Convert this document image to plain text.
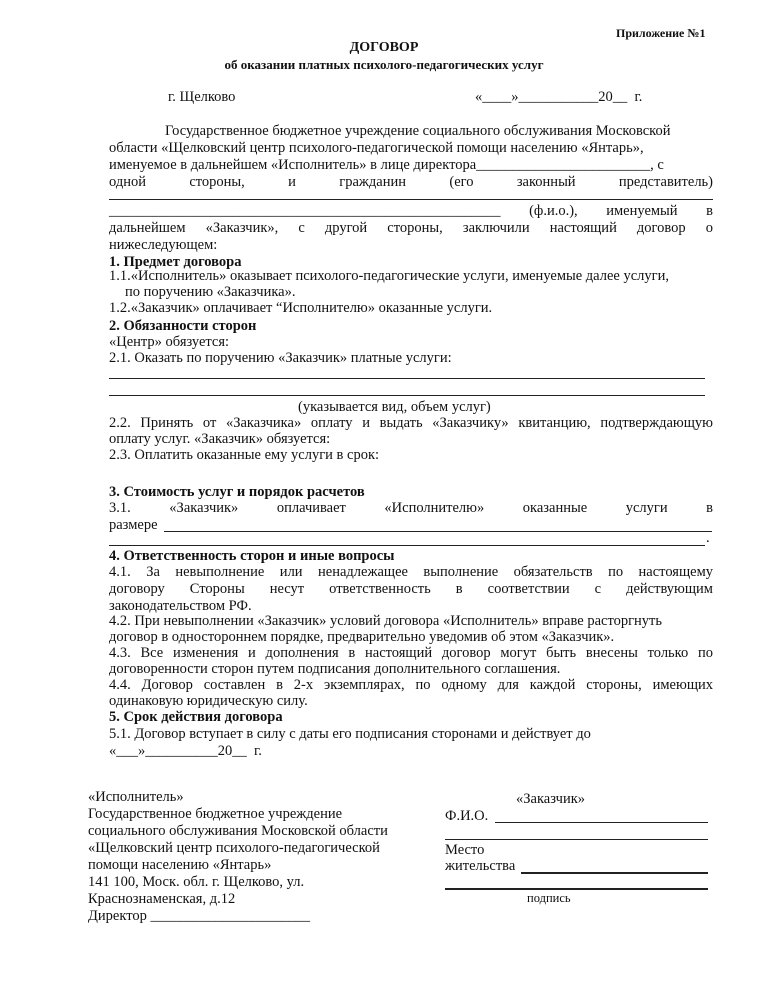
Приложение №1
ДОГОВОР
об оказании платных психолого-педагогических услуг
г. Щелково	«____»___________20__  г.
Государственное бюджетное учреждение социального обслуживания Московской
области «Щелковский центр психолого-педагогической помощи населению «Янтарь»,
именуемое в дальнейшем «Исполнитель» в лице директора________________________, с
одной стороны, и гражданин (его законный представитель)
______________________________________________________ (ф.и.о.), именуемый в
дальнейшем «Заказчик», с другой стороны, заключили настоящий договор о
нижеследующем:
1. Предмет договора
1.1.«Исполнитель» оказывает психолого-педагогические услуги, именуемые далее услуги,
по поручению «Заказчика».
1.2.«Заказчик» оплачивает “Исполнителю» оказанные услуги.
2. Обязанности сторон
«Центр» обязуется:
2.1. Оказать по поручению «Заказчик» платные услуги:
(указывается вид, объем услуг)
2.2. Принять от «Заказчика» оплату и выдать «Заказчику» квитанцию, подтверждающую
оплату услуг. «Заказчик» обязуется:
2.3. Оплатить оказанные ему услуги в срок:
3. Стоимость услуг и порядок расчетов
3.1. «Заказчик» оплачивает «Исполнителю» оказанные услуги в
размере
.
4. Ответственность сторон и иные вопросы
4.1. За невыполнение или ненадлежащее выполнение обязательств по настоящему
договору Стороны несут ответственность в соответствии с действующим
законодательством РФ.
4.2. При невыполнении «Заказчик» условий договора «Исполнитель» вправе расторгнуть
договор в одностороннем порядке, предварительно уведомив об этом «Заказчик».
4.3. Все изменения и дополнения в настоящий договор могут быть внесены только по
договоренности сторон путем подписания дополнительного соглашения.
4.4. Договор составлен в 2-х экземплярах, по одному для каждой стороны, имеющих
одинаковую юридическую силу.
5. Срок действия договора
5.1. Договор вступает в силу с даты его подписания сторонами и действует до
«___»__________20__  г.
«Исполнитель»
Государственное бюджетное учреждение
социального обслуживания Московской области
«Щелковский центр психолого-педагогической
помощи населению «Янтарь»
141 100, Моск. обл. г. Щелково, ул.
Краснознаменская, д.12
Директор ______________________
«Заказчик»
Ф.И.О.
Место
жительства
подпись
